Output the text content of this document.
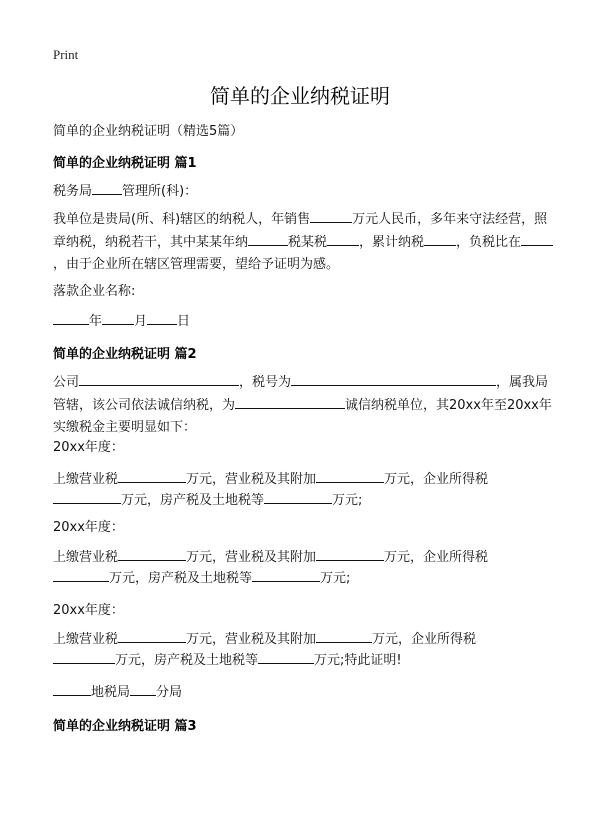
Print
简单的企业纳税证明
简单的企业纳税证明（精选5篇）
简单的企业纳税证明 篇1
税务局 管理所(科)：
我单位是贵局(所、科)辖区的纳税人，年销售	万元人民币，多年来守法经营，照章纳税，纳税若干，其中某某年纳	税某税 ，累计纳税 ，负税比在，由于企业所在辖区管理需要，望给予证明为感。
落款企业名称:
年 月 日
简单的企业纳税证明 篇2
公司	，税号为	，属我局管辖，该公司依法诚信纳税，为	诚信纳税单位，其20xx年至20xx年实缴税金主要明显如下：
20xx年度：
上缴营业税	万元，营业税及其附加	万元，企业所得税
万元，房产税及土地税等	万元;
20xx年度：
上缴营业税	万元，营业税及其附加	万元，企业所得税
万元，房产税及土地税等	万元;
20xx年度：
上缴营业税	万元，营业税及其附加	万元，企业所得税
万元，房产税及土地税等	万元;特此证明!
地税局 分局
简单的企业纳税证明 篇3
